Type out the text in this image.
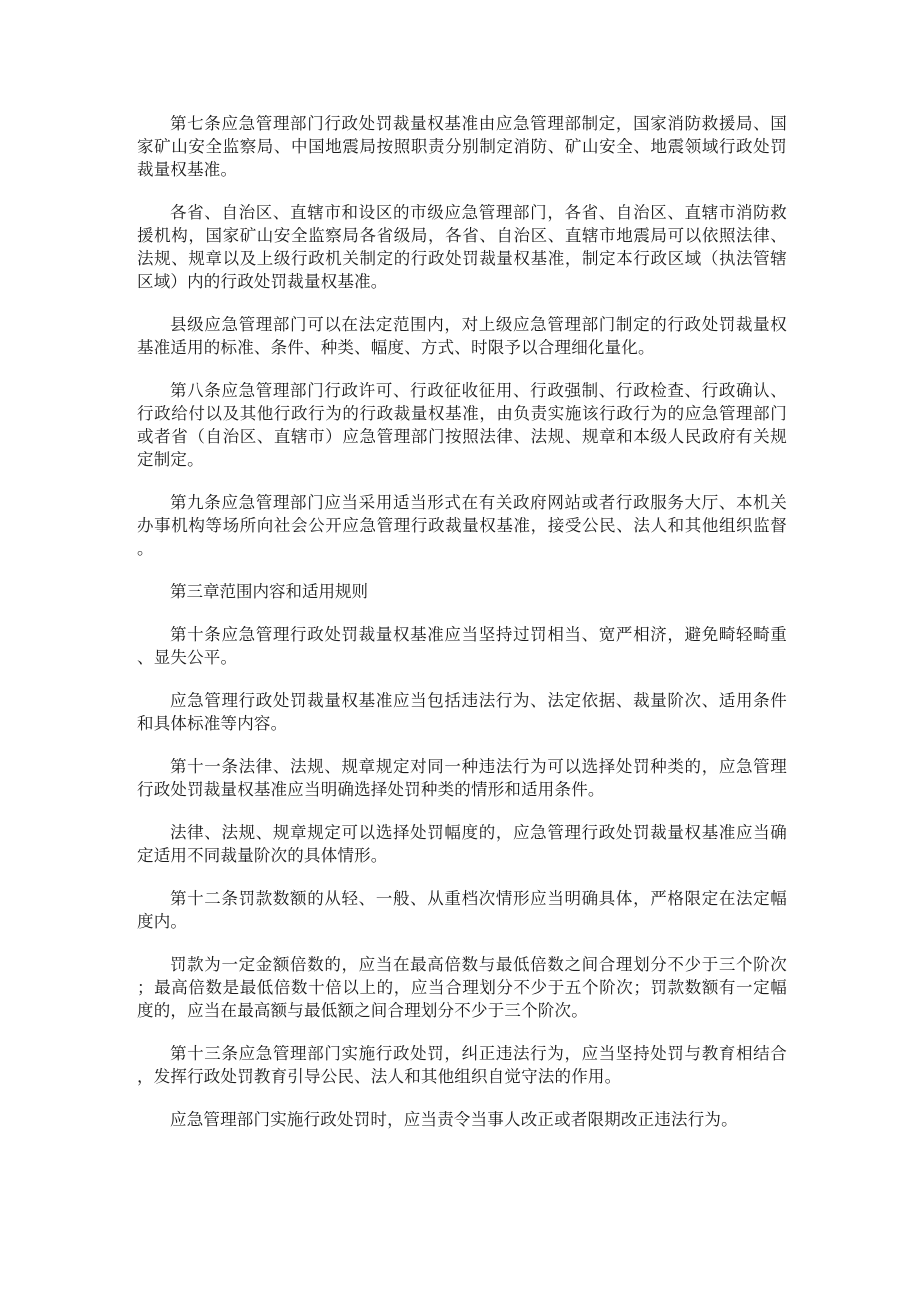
第七条应急管理部门行政处罚裁量权基准由应急管理部制定，国家消防救援局、国家矿山安全监察局、中国地震局按照职责分别制定消防、矿山安全、地震领域行政处罚裁量权基准。

各省、自治区、直辖市和设区的市级应急管理部门，各省、自治区、直辖市消防救援机构，国家矿山安全监察局各省级局，各省、自治区、直辖市地震局可以依照法律、法规、规章以及上级行政机关制定的行政处罚裁量权基准，制定本行政区域（执法管辖区域）内的行政处罚裁量权基准。

县级应急管理部门可以在法定范围内，对上级应急管理部门制定的行政处罚裁量权基准适用的标准、条件、种类、幅度、方式、时限予以合理细化量化。

第八条应急管理部门行政许可、行政征收征用、行政强制、行政检查、行政确认、行政给付以及其他行政行为的行政裁量权基准，由负责实施该行政行为的应急管理部门或者省（自治区、直辖市）应急管理部门按照法律、法规、规章和本级人民政府有关规定制定。

第九条应急管理部门应当采用适当形式在有关政府网站或者行政服务大厅、本机关办事机构等场所向社会公开应急管理行政裁量权基准，接受公民、法人和其他组织监督。

第三章范围内容和适用规则

第十条应急管理行政处罚裁量权基准应当坚持过罚相当、宽严相济，避免畸轻畸重、显失公平。

应急管理行政处罚裁量权基准应当包括违法行为、法定依据、裁量阶次、适用条件和具体标准等内容。

第十一条法律、法规、规章规定对同一种违法行为可以选择处罚种类的，应急管理行政处罚裁量权基准应当明确选择处罚种类的情形和适用条件。

法律、法规、规章规定可以选择处罚幅度的，应急管理行政处罚裁量权基准应当确定适用不同裁量阶次的具体情形。

第十二条罚款数额的从轻、一般、从重档次情形应当明确具体，严格限定在法定幅度内。

罚款为一定金额倍数的，应当在最高倍数与最低倍数之间合理划分不少于三个阶次；最高倍数是最低倍数十倍以上的，应当合理划分不少于五个阶次；罚款数额有一定幅度的，应当在最高额与最低额之间合理划分不少于三个阶次。

第十三条应急管理部门实施行政处罚，纠正违法行为，应当坚持处罚与教育相结合，发挥行政处罚教育引导公民、法人和其他组织自觉守法的作用。

应急管理部门实施行政处罚时，应当责令当事人改正或者限期改正违法行为。
